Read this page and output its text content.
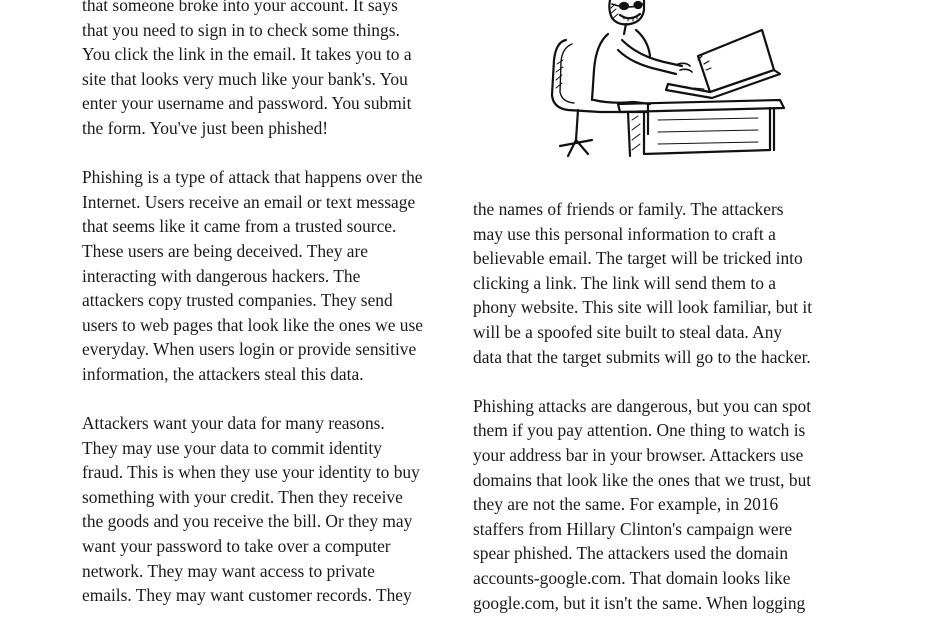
that someone broke into your account. It says
that you need to sign in to check some things.
You click the link in the email. It takes you to a
site that looks very much like your bank's. You
enter your username and password. You submit
the form. You've just been phished!

Phishing is a type of attack that happens over the
Internet. Users receive an email or text message
that seems like it came from a trusted source.
These users are being deceived. They are
interacting with dangerous hackers. The
attackers copy trusted companies. They send
users to web pages that look like the ones we use
everyday. When users login or provide sensitive
information, the attackers steal this data.

Attackers want your data for many reasons.
They may use your data to commit identity
fraud. This is when they use your identity to buy
something with your credit. Then they receive
the goods and you receive the bill. Or they may
want your password to take over a computer
network. They may want access to private
emails. They may want customer records. They

the names of friends or family. The attackers
may use this personal information to craft a
believable email. The target will be tricked into
clicking a link. The link will send them to a
phony website. This site will look familiar, but it
will be a spoofed site built to steal data. Any
data that the target submits will go to the hacker.

Phishing attacks are dangerous, but you can spot
them if you pay attention. One thing to watch is
your address bar in your browser. Attackers use
domains that look like the ones that we trust, but
they are not the same. For example, in 2016
staffers from Hillary Clinton's campaign were
spear phished. The attackers used the domain
accounts-google.com. That domain looks like
google.com, but it isn't the same. When logging
